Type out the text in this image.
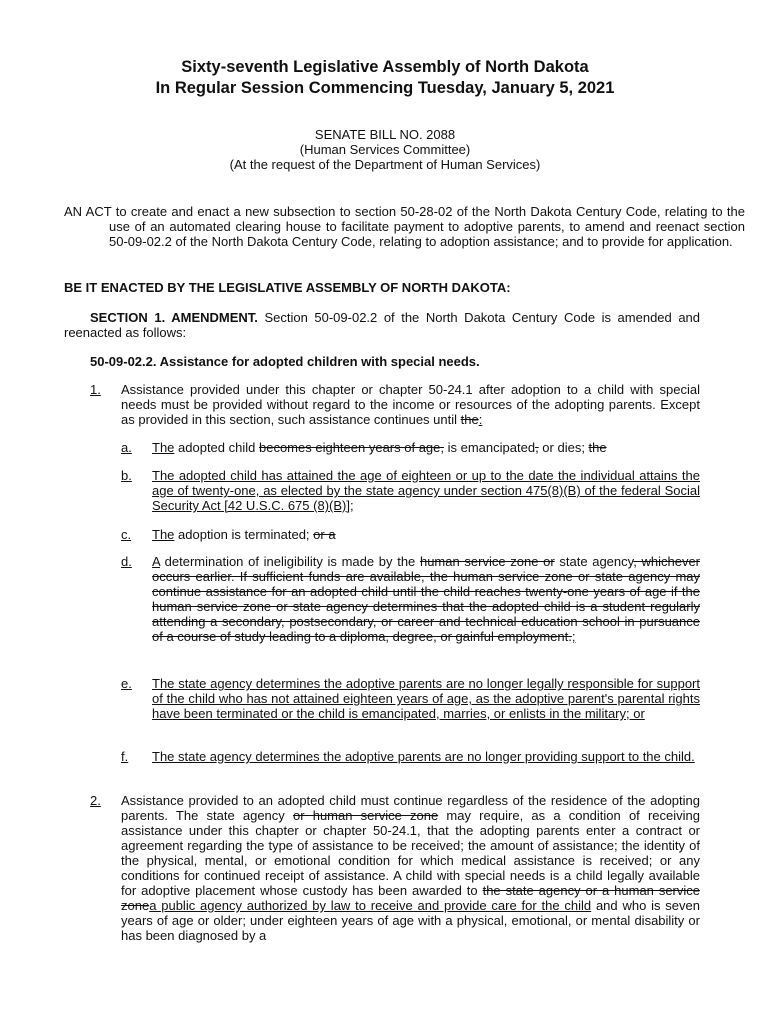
Sixty-seventh Legislative Assembly of North Dakota
In Regular Session Commencing Tuesday, January 5, 2021
SENATE BILL NO. 2088
(Human Services Committee)
(At the request of the Department of Human Services)
AN ACT to create and enact a new subsection to section 50-28-02 of the North Dakota Century Code, relating to the use of an automated clearing house to facilitate payment to adoptive parents, to amend and reenact section 50-09-02.2 of the North Dakota Century Code, relating to adoption assistance; and to provide for application.
BE IT ENACTED BY THE LEGISLATIVE ASSEMBLY OF NORTH DAKOTA:
SECTION 1. AMENDMENT. Section 50-09-02.2 of the North Dakota Century Code is amended and reenacted as follows:
50-09-02.2. Assistance for adopted children with special needs.
1. Assistance provided under this chapter or chapter 50-24.1 after adoption to a child with special needs must be provided without regard to the income or resources of the adopting parents. Except as provided in this section, such assistance continues until the:
a. The adopted child becomes eighteen years of age, is emancipated, or dies; the
b. The adopted child has attained the age of eighteen or up to the date the individual attains the age of twenty-one, as elected by the state agency under section 475(8)(B) of the federal Social Security Act [42 U.S.C. 675 (8)(B)];
c. The adoption is terminated; or a
d. A determination of ineligibility is made by the human service zone or state agency, whichever occurs earlier. If sufficient funds are available, the human service zone or state agency may continue assistance for an adopted child until the child reaches twenty-one years of age if the human service zone or state agency determines that the adopted child is a student regularly attending a secondary, postsecondary, or career and technical education school in pursuance of a course of study leading to a diploma, degree, or gainful employment.;
e. The state agency determines the adoptive parents are no longer legally responsible for support of the child who has not attained eighteen years of age, as the adoptive parent's parental rights have been terminated or the child is emancipated, marries, or enlists in the military; or
f. The state agency determines the adoptive parents are no longer providing support to the child.
2. Assistance provided to an adopted child must continue regardless of the residence of the adopting parents. The state agency or human service zone may require, as a condition of receiving assistance under this chapter or chapter 50-24.1, that the adopting parents enter a contract or agreement regarding the type of assistance to be received; the amount of assistance; the identity of the physical, mental, or emotional condition for which medical assistance is received; or any conditions for continued receipt of assistance. A child with special needs is a child legally available for adoptive placement whose custody has been awarded to the state agency or a human service zonea public agency authorized by law to receive and provide care for the child and who is seven years of age or older; under eighteen years of age with a physical, emotional, or mental disability or has been diagnosed by a
